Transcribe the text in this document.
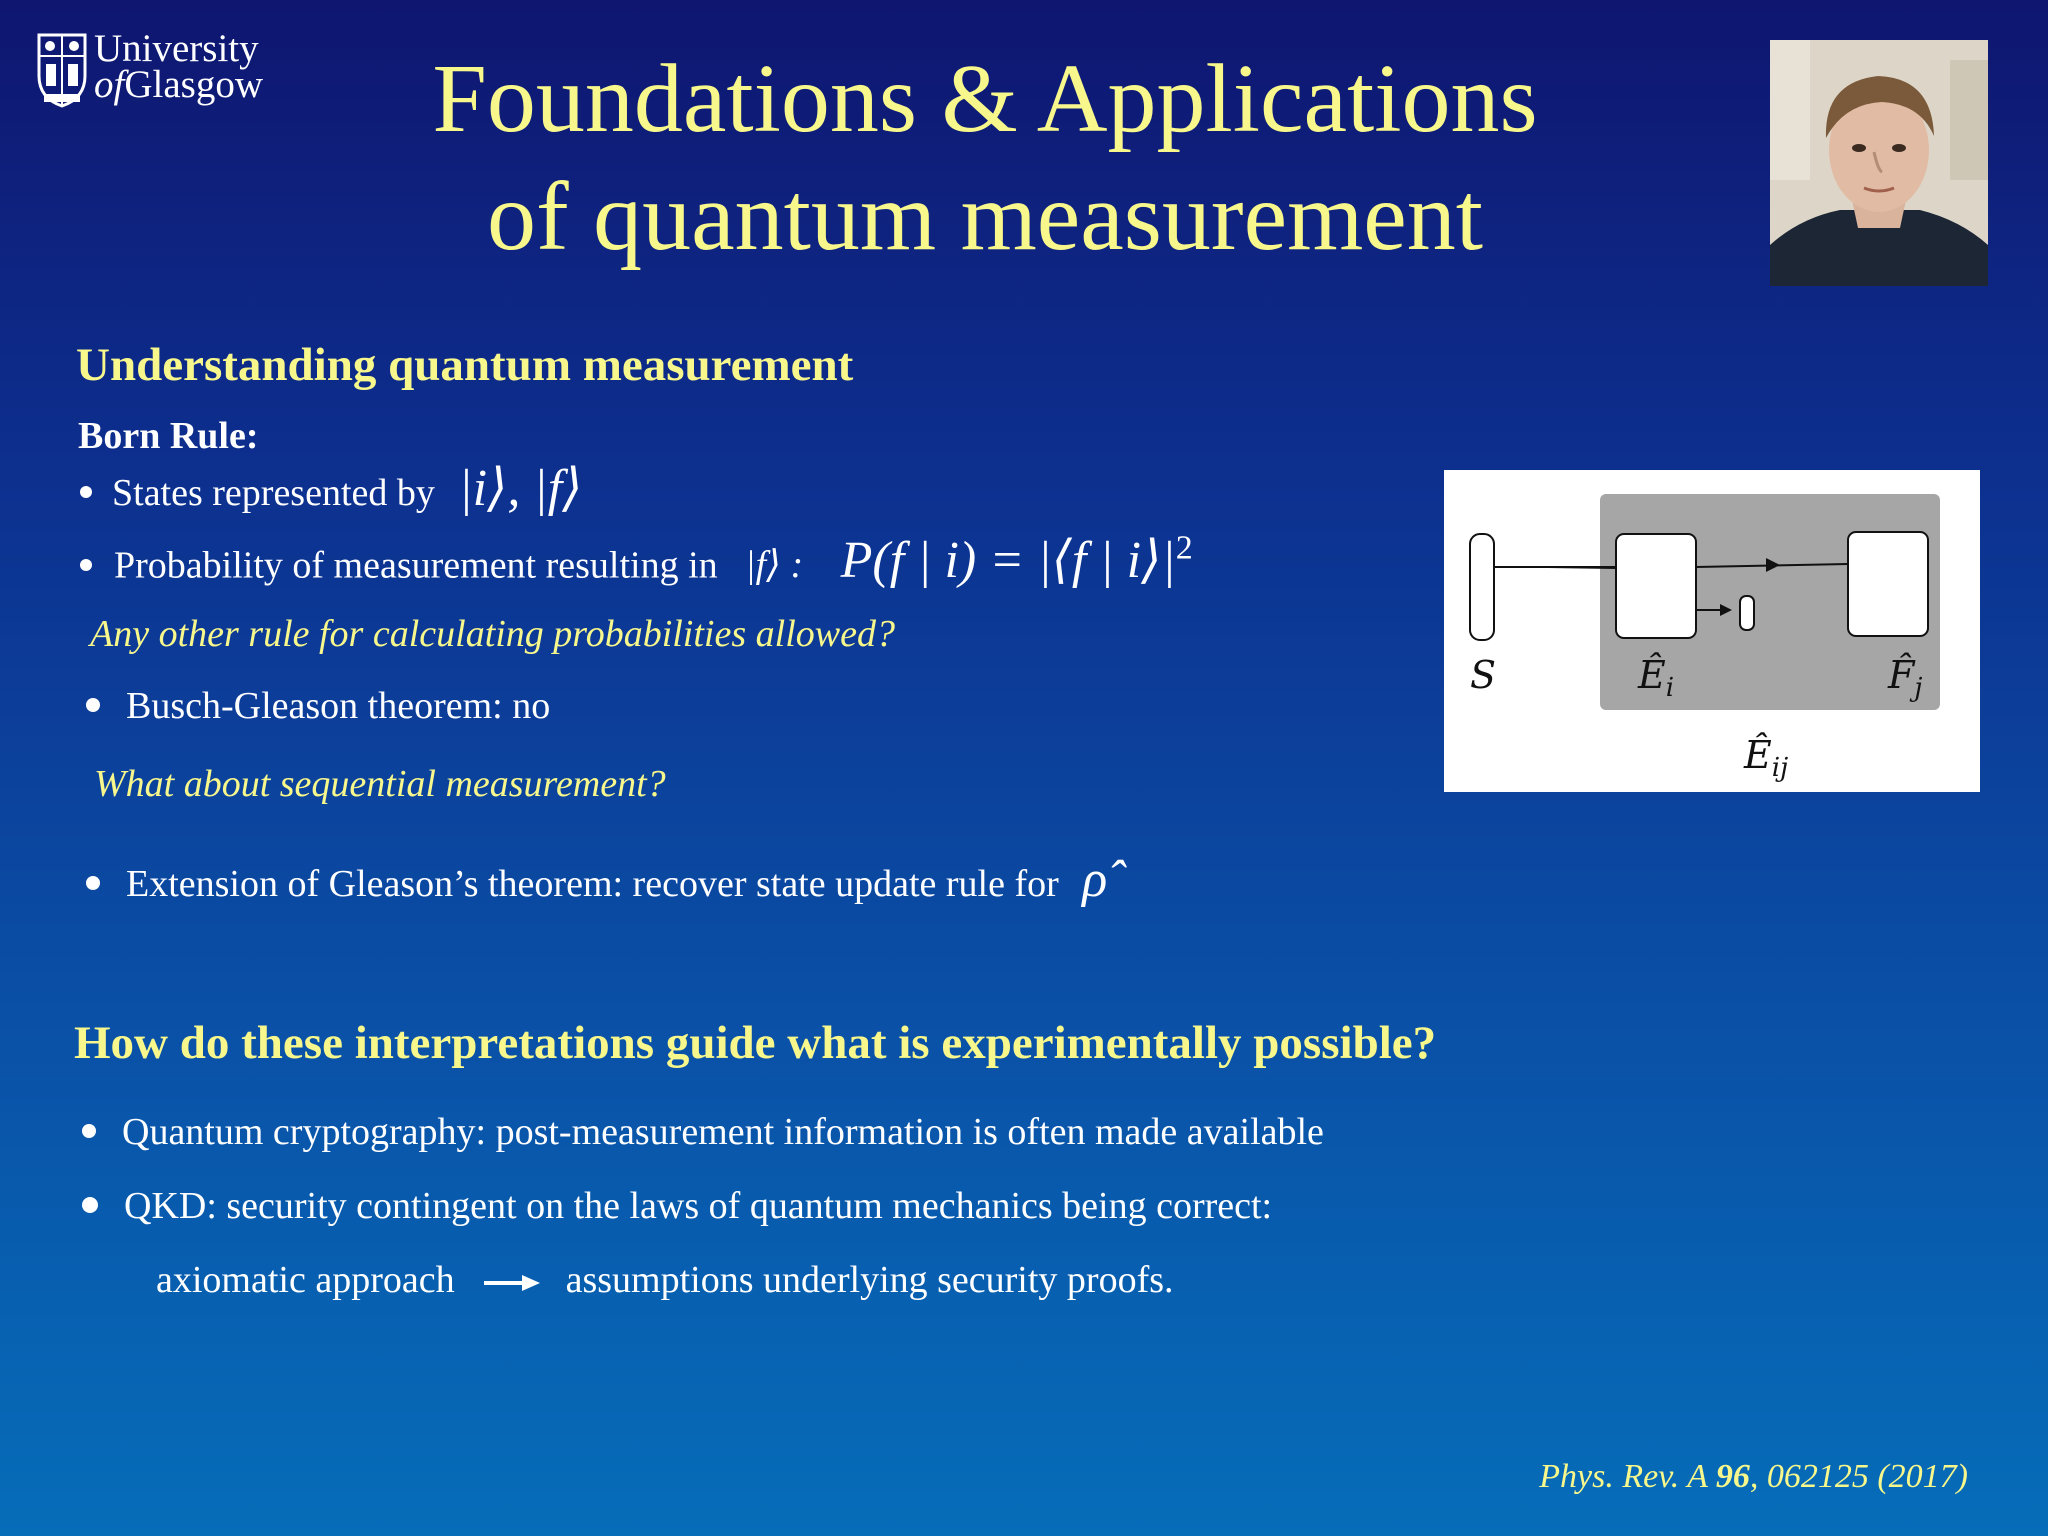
University
ofGlasgow	Foundations & Applications
of quantum measurement
Understanding quantum measurement
Born Rule:
States represented by |i⟩, |f⟩
Probability of measurement resulting in |f⟩ : P(f | i) = |⟨f | $i⟩|^2$
Any other rule for calculating probabilities allowed?
Busch-Gleason theorem: no
What about sequential measurement?
Extension of Gleason’s theorem: recover state update rule for ρ̂
S	$Ê_i$	$F̂_j$
$Ê_{ij}$
How do these interpretations guide what is experimentally possible?
Quantum cryptography: post-measurement information is often made available
QKD: security contingent on the laws of quantum mechanics being correct:
axiomatic approach	assumptions underlying security proofs.
Phys. Rev. A 96, 062125 (2017)
